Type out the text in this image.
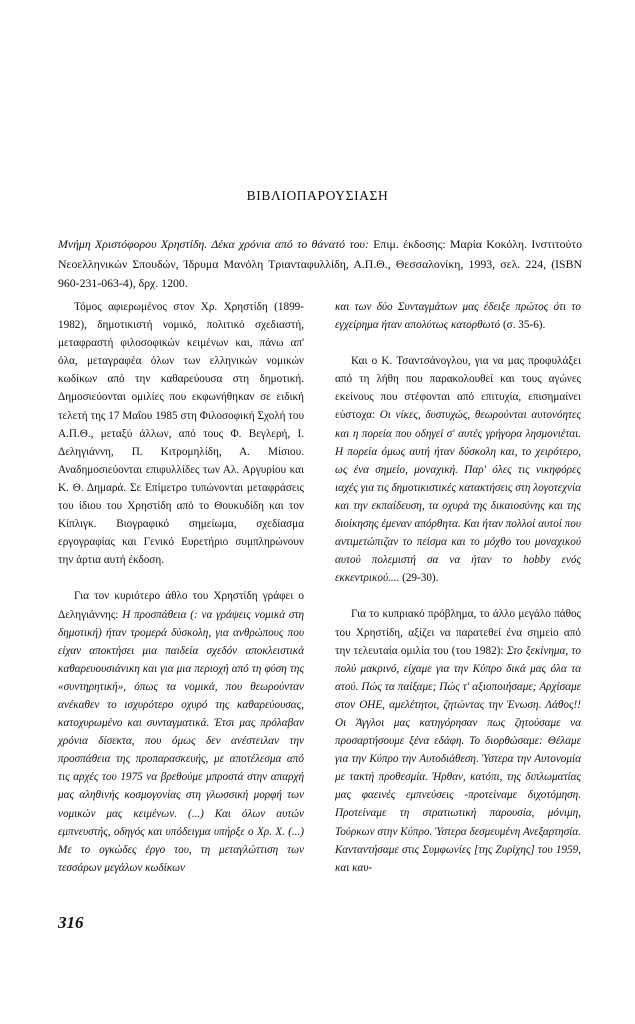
ΒΙΒΛΙΟΠΑΡΟΥΣΙΑΣΗ
Μνήμη Χριστόφορου Χρηστίδη. Δέκα χρόνια από το θάνατό του: Επιμ. έκδοσης: Μαρία Κοκόλη. Ινστιτούτο Νεοελληνικών Σπουδών, Ίδρυμα Μανόλη Τριανταφυλλίδη, Α.Π.Θ., Θεσσαλονίκη, 1993, σελ. 224, (ISBN 960-231-063-4), δρχ. 1200.

Τόμος αφιερωμένος στον Χρ. Χρηστίδη (1899-1982), δημοτικιστή νομικό, πολιτικό σχεδιαστή, μεταφραστή φιλοσοφικών κειμένων και, πάνω απ' όλα, μεταγραφέα όλων των ελληνικών νομικών κωδίκων από την καθαρεύουσα στη δημοτική. Δημοσιεύονται ομιλίες που εκφωνήθηκαν σε ειδική τελετή της 17 Μαΐου 1985 στη Φιλοσοφική Σχολή του Α.Π.Θ., μεταξύ άλλων, από τους Φ. Βεγλερή, Ι. Δεληγιάννη, Π. Κιτρομηλίδη, Α. Μίσιου. Αναδημοσιεύονται επιφυλλίδες των Αλ. Αργυρίου και Κ. Θ. Δημαρά. Σε Επίμετρο τυπώνονται μεταφράσεις του ίδιου του Χρηστίδη από το Θουκυδίδη και τον Κίπλιγκ. Βιογραφικό σημείωμα, σχεδίασμα εργογραφίας και Γενικό Ευρετήριο συμπληρώνουν την άρτια αυτή έκδοση.

Για τον κυριότερο άθλο του Χρηστίδη γράφει ο Δεληγιάννης: Η προσπάθεια (: να γράψεις νομικά στη δημοτική) ήταν τρομερά δύσκολη, για ανθρώπους που είχαν αποκτήσει μια παιδεία σχεδόν αποκλειστικά καθαρευουσιάνικη και για μια περιοχή από τη φύση της «συντηρητική», όπως τα νομικά, που θεωρούνταν ανέκαθεν το ισχυρότερο οχυρό της καθαρεύουσας, κατοχυρωμένο και συνταγματικά. Έτσι μας πρόλαβαν χρόνια δίσεκτα, που όμως δεν ανέστειλαν την προσπάθεια της προπαρασκευής, με αποτέλεσμα από τις αρχές του 1975 να βρεθούμε μπροστά στην απαρχή μας αληθινής κοσμογονίας στη γλωσσική μορφή των νομικών μας κειμένων. (...) Και όλων αυτών εμπνευστής, οδηγός και υπόδειγμα υπήρξε ο Χρ. Χ. (...) Με το ογκώδες έργο του, τη μεταγλώττιση των τεσσάρων μεγάλων κωδίκων

και των δύο Συνταγμάτων μας έδειξε πρώτος ότι το εγχείρημα ήταν απολύτως κατορθωτό (σ. 35-6).

Και ο Κ. Τσαντσάνογλου, για να μας προφυλάξει από τη λήθη που παρακολουθεί και τους αγώνες εκείνους που στέφονται από επιτυχία, επισημαίνει εύστοχα: Οι νίκες, δυστυχώς, θεωρούνται αυτονόητες και η πορεία που οδηγεί σ' αυτές γρήγορα λησμονιέται. Η πορεία όμως αυτή ήταν δύσκολη και, το χειρότερο, ως ένα σημείο, μοναχική. Παρ' όλες τις νικηφόρες ιαχές για τις δημοτικιστικές κατακτήσεις στη λογοτεχνία και την εκπαίδευση, τα οχυρά της δικαιοσύνης και της διοίκησης έμεναν απόρθητα. Και ήταν πολλοί αυτοί που αντιμετώπιζαν το πείσμα και το μόχθο του μοναχικού αυτού πολεμιστή σα να ήταν το hobby ενός εκκεντρικού.... (29-30).

Για το κυπριακό πρόβλημα, το άλλο μεγάλο πάθος του Χρηστίδη, αξίζει να παρατεθεί ένα σημείο από την τελευταία ομιλία του (του 1982): Στο ξεκίνημα, το πολύ μακρινό, είχαμε για την Κύπρο δικά μας όλα τα ατού. Πώς τα παίξαμε; Πώς τ' αξιοποιήσαμε; Αρχίσαμε στον ΟΗΕ, αμελέτητοι, ζητώντας την Ένωση. Λάθος!! Οι Άγγλοι μας κατηγόρησαν πως ζητούσαμε να προσαρτήσουμε ξένα εδάφη. Το διορθώσαμε: Θέλαμε για την Κύπρο την Αυτοδιάθεση. Ύστερα την Αυτονομία με τακτή προθεσμία. Ήρθαν, κατόπι, της διπλωματίας μας φαεινές εμπνεύσεις -προτείναμε διχοτόμηση. Προτείναμε τη στρατιωτική παρουσία, μόνιμη, Τούρκων στην Κύπρο. Ύστερα δεσμευμένη Ανεξαρτησία. Κανταντήσαμε στις Συμφωνίες [της Ζυρίχης] του 1959, και καυ-

316
